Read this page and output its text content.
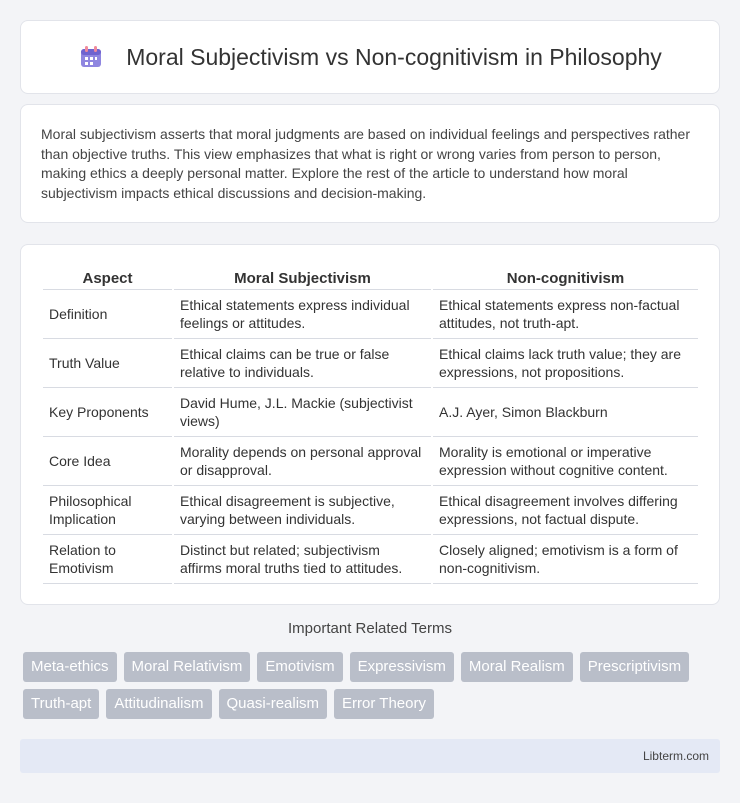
Moral Subjectivism vs Non-cognitivism in Philosophy

Moral subjectivism asserts that moral judgments are based on individual feelings and perspectives rather than objective truths. This view emphasizes that what is right or wrong varies from person to person, making ethics a deeply personal matter. Explore the rest of the article to understand how moral subjectivism impacts ethical discussions and decision-making.

Aspect	Moral Subjectivism	Non-cognitivism
Definition	Ethical statements express individual feelings or attitudes.	Ethical statements express non-factual attitudes, not truth-apt.
Truth Value	Ethical claims can be true or false relative to individuals.	Ethical claims lack truth value; they are expressions, not propositions.
Key Proponents	David Hume, J.L. Mackie (subjectivist views)	A.J. Ayer, Simon Blackburn
Core Idea	Morality depends on personal approval or disapproval.	Morality is emotional or imperative expression without cognitive content.
Philosophical Implication	Ethical disagreement is subjective, varying between individuals.	Ethical disagreement involves differing expressions, not factual dispute.
Relation to Emotivism	Distinct but related; subjectivism affirms moral truths tied to attitudes.	Closely aligned; emotivism is a form of non-cognitivism.
Important Related Terms
Meta-ethics	Moral Relativism	Emotivism	Expressivism	Moral Realism	Prescriptivism
Truth-apt	Attitudinalism	Quasi-realism	Error Theory
Libterm.com
